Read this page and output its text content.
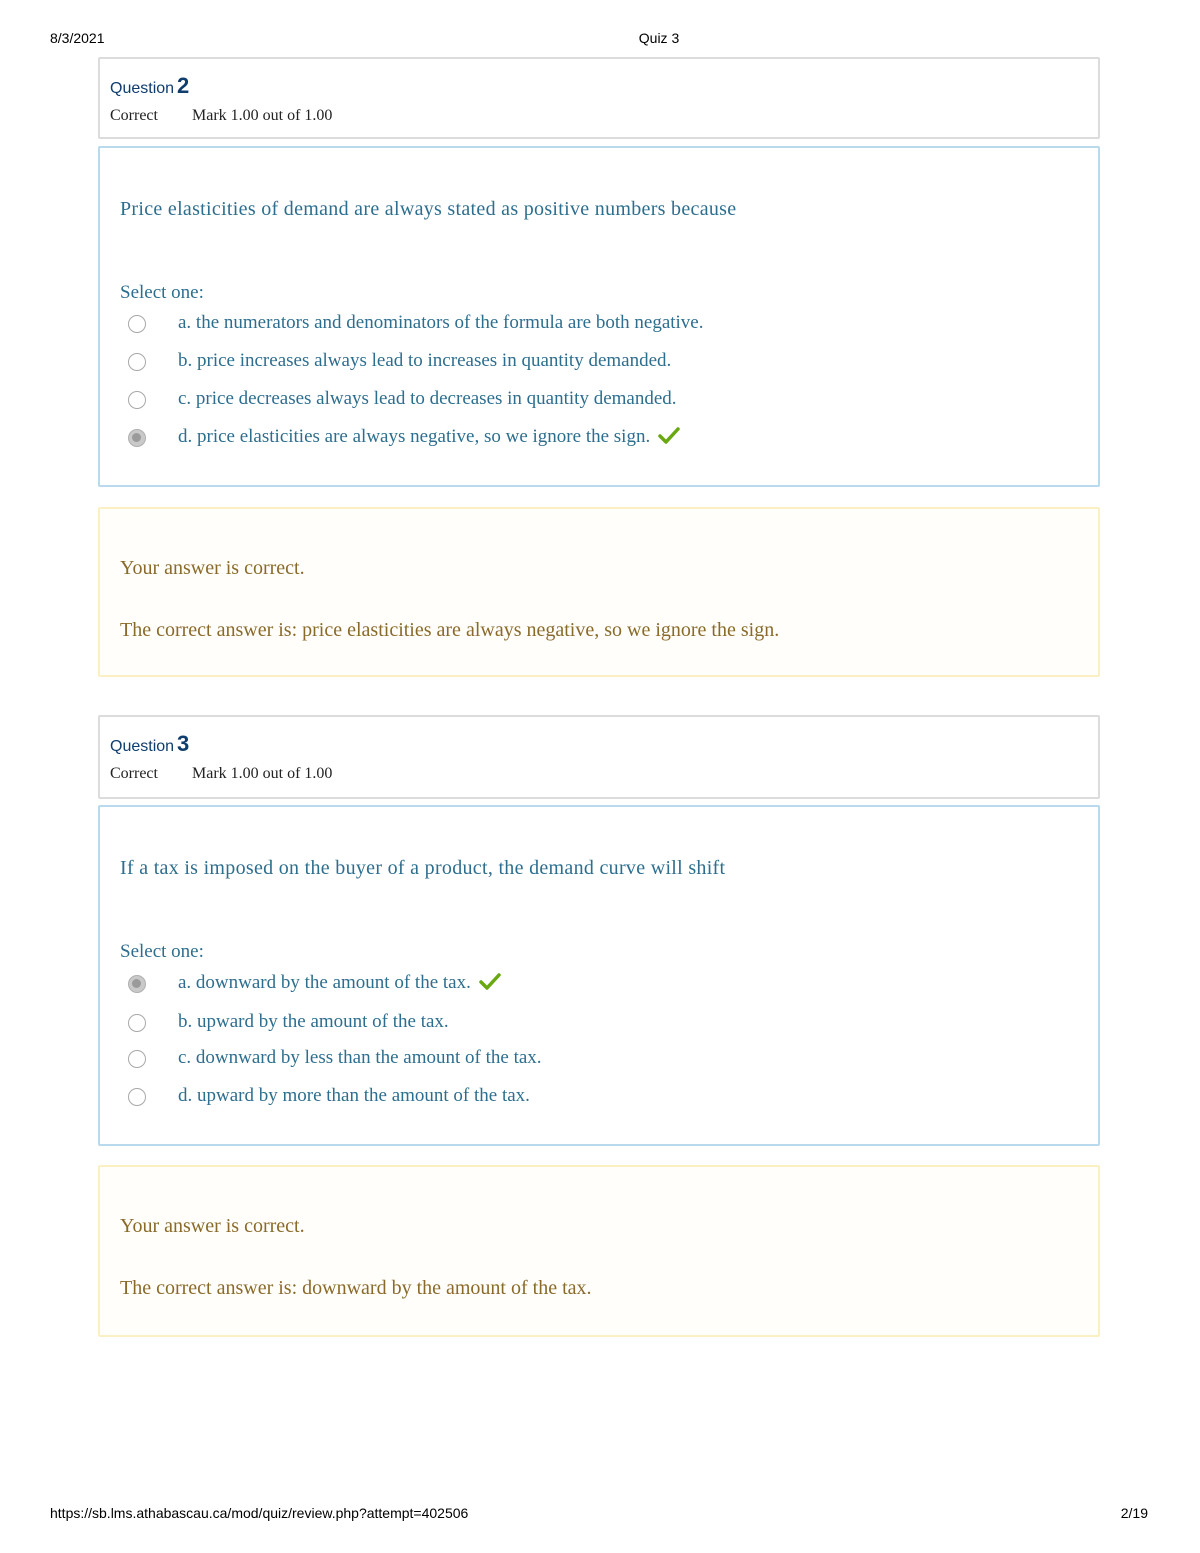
8/3/2021	Quiz 3
Question 2
Correct Mark 1.00 out of 1.00
Price elasticities of demand are always stated as positive numbers because
Select one:
a. the numerators and denominators of the formula are both negative.
b. price increases always lead to increases in quantity demanded.
c. price decreases always lead to decreases in quantity demanded.
d. price elasticities are always negative, so we ignore the sign.
Your answer is correct.
The correct answer is: price elasticities are always negative, so we ignore the sign.
Question 3
Correct Mark 1.00 out of 1.00
If a tax is imposed on the buyer of a product, the demand curve will shift
Select one:
a. downward by the amount of the tax.
b. upward by the amount of the tax.
c. downward by less than the amount of the tax.
d. upward by more than the amount of the tax.
Your answer is correct.
The correct answer is: downward by the amount of the tax.
https://sb.lms.athabascau.ca/mod/quiz/review.php?attempt=402506	2/19
